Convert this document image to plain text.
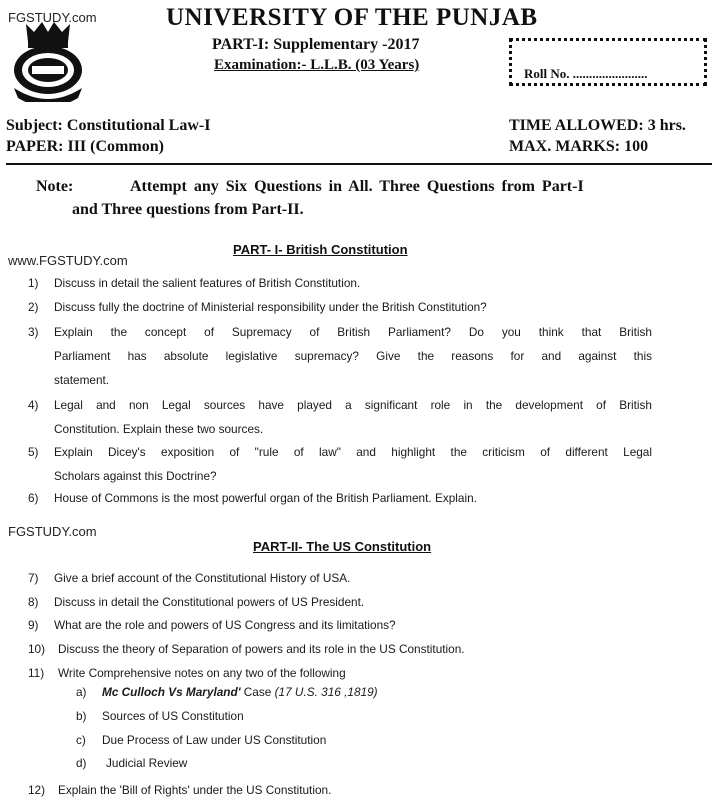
FGSTUDY.com
www.FGSTUDY.com
FGSTUDY.com
UNIVERSITY OF THE PUNJAB
PART-I: Supplementary -2017
Examination:- L.L.B. (03 Years)
Roll No. .......................
Subject: Constitutional Law-I
PAPER: III (Common)
TIME ALLOWED: 3 hrs.
MAX. MARKS: 100
Note:	Attempt any Six Questions in All. Three Questions from Part-I
and Three questions from Part-II.
PART- I- British Constitution
1) Discuss in detail the salient features of British Constitution.
2) Discuss fully the doctrine of Ministerial responsibility under the British Constitution?
3) Explain the concept of Supremacy of British Parliament? Do you think that British
Parliament has absolute legislative supremacy? Give the reasons for and against this
statement.
4) Legal and non Legal sources have played a significant role in the development of British
Constitution. Explain these two sources.
5) Explain Dicey's exposition of "rule of law" and highlight the criticism of different Legal
Scholars against this Doctrine?
6) House of Commons is the most powerful organ of the British Parliament. Explain.
PART-II- The US Constitution
7) Give a brief account of the Constitutional History of USA.
8) Discuss in detail the Constitutional powers of US President.
9) What are the role and powers of US Congress and its limitations?
10) Discuss the theory of Separation of powers and its role in the US Constitution.
11) Write Comprehensive notes on any two of the following
a) Mc Culloch Vs Maryland' Case (17 U.S. 316 ,1819)
b) Sources of US Constitution
c) Due Process of Law under US Constitution
d) Judicial Review
12) Explain the 'Bill of Rights' under the US Constitution.
